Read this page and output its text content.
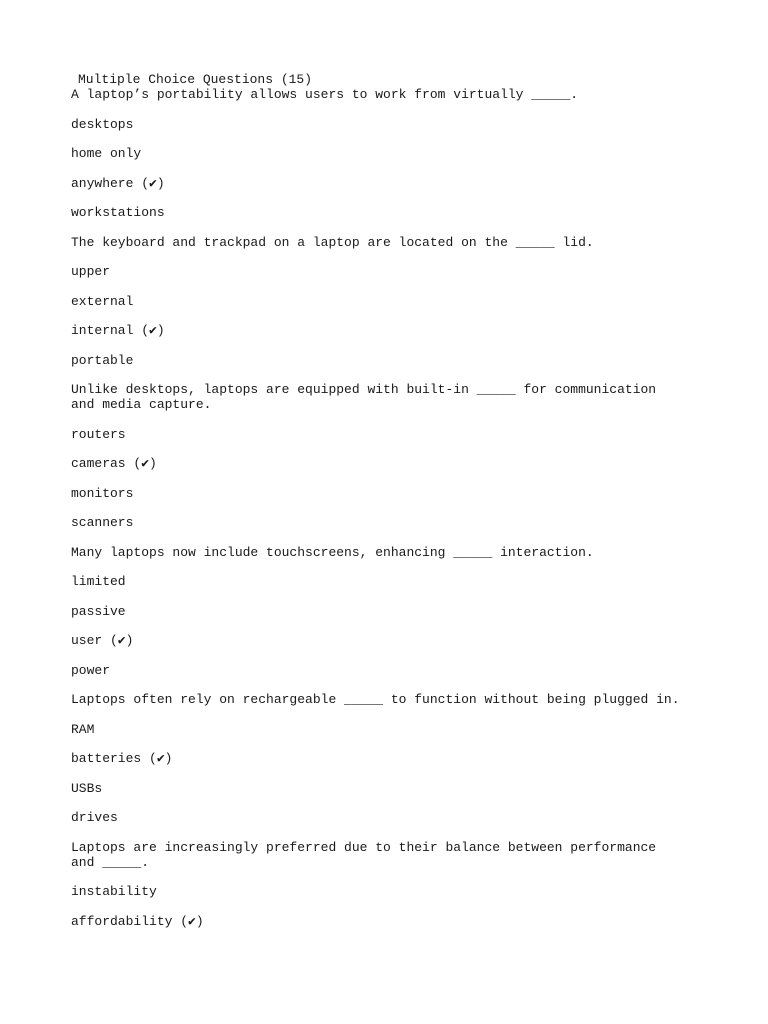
Multiple Choice Questions (15)

A laptop’s portability allows users to work from virtually _____.

desktops

home only

anywhere (✔)

workstations

The keyboard and trackpad on a laptop are located on the _____ lid.

upper

external

internal (✔)

portable

Unlike desktops, laptops are equipped with built-in _____ for communication and media capture.

routers

cameras (✔)

monitors

scanners

Many laptops now include touchscreens, enhancing _____ interaction.

limited

passive

user (✔)

power

Laptops often rely on rechargeable _____ to function without being plugged in.

RAM

batteries (✔)

USBs

drives

Laptops are increasingly preferred due to their balance between performance and _____.

instability

affordability (✔)
